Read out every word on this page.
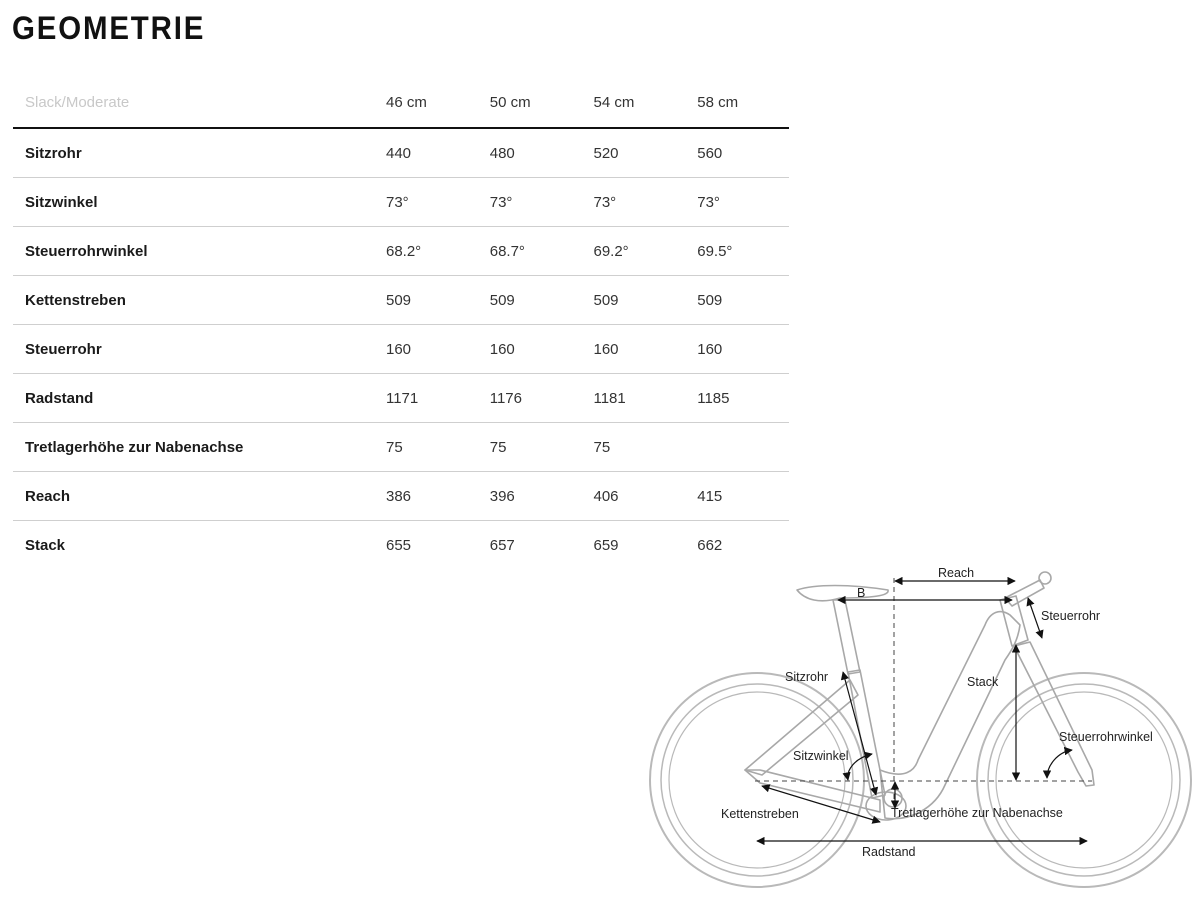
GEOMETRIE
Slack/Moderate	46 cm	50 cm	54 cm	58 cm
Sitzrohr	440	480	520	560
Sitzwinkel	73°	73°	73°	73°
Steuerrohrwinkel	68.2°	68.7°	69.2°	69.5°
Kettenstreben	509	509	509	509
Steuerrohr	160	160	160	160
Radstand	1171	1176	1181	1185
Tretlagerhöhe zur Nabenachse	75	75	75	
Reach	386	396	406	415
Stack	655	657	659	662
Reach
B
Steuerrohr
Sitzrohr	Stack
Steuerrohrwinkel
Sitzwinkel
Kettenstreben	Tretlagerhöhe zur Nabenachse
Radstand
